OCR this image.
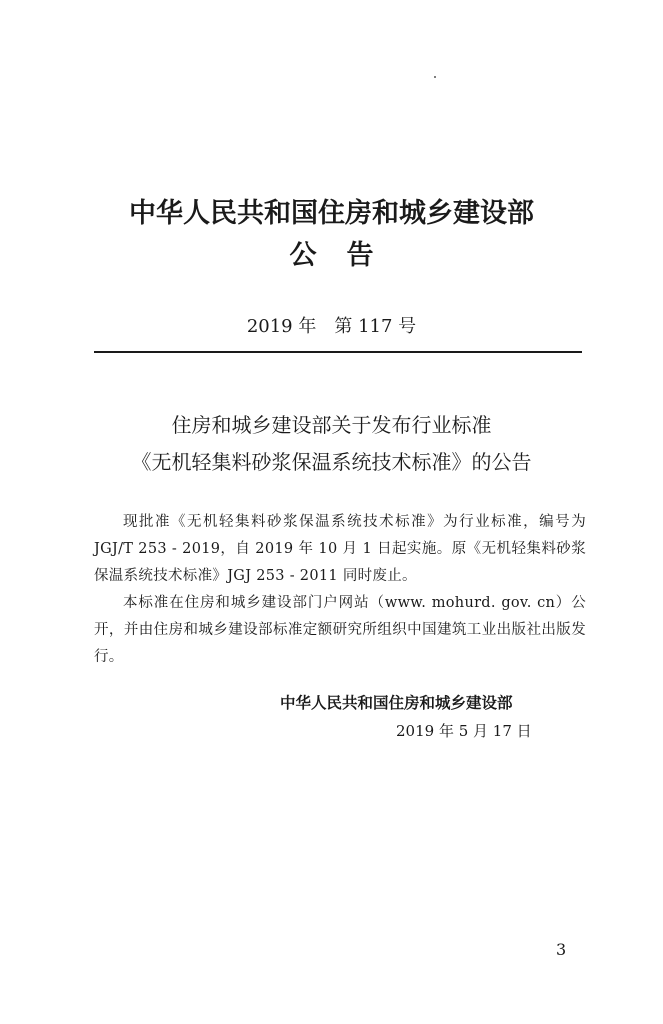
中华人民共和国住房和城乡建设部
公告
2019 年　第 117 号
住房和城乡建设部关于发布行业标准
《无机轻集料砂浆保温系统技术标准》的公告

现批准《无机轻集料砂浆保温系统技术标准》为行业标准，编号为 JGJ/T 253 - 2019，自 2019 年 10 月 1 日起实施。原《无机轻集料砂浆保温系统技术标准》JGJ 253 - 2011 同时废止。

本标准在住房和城乡建设部门户网站（www. mohurd. gov. cn）公开，并由住房和城乡建设部标准定额研究所组织中国建筑工业出版社出版发行。

中华人民共和国住房和城乡建设部
2019 年 5 月 17 日
3
